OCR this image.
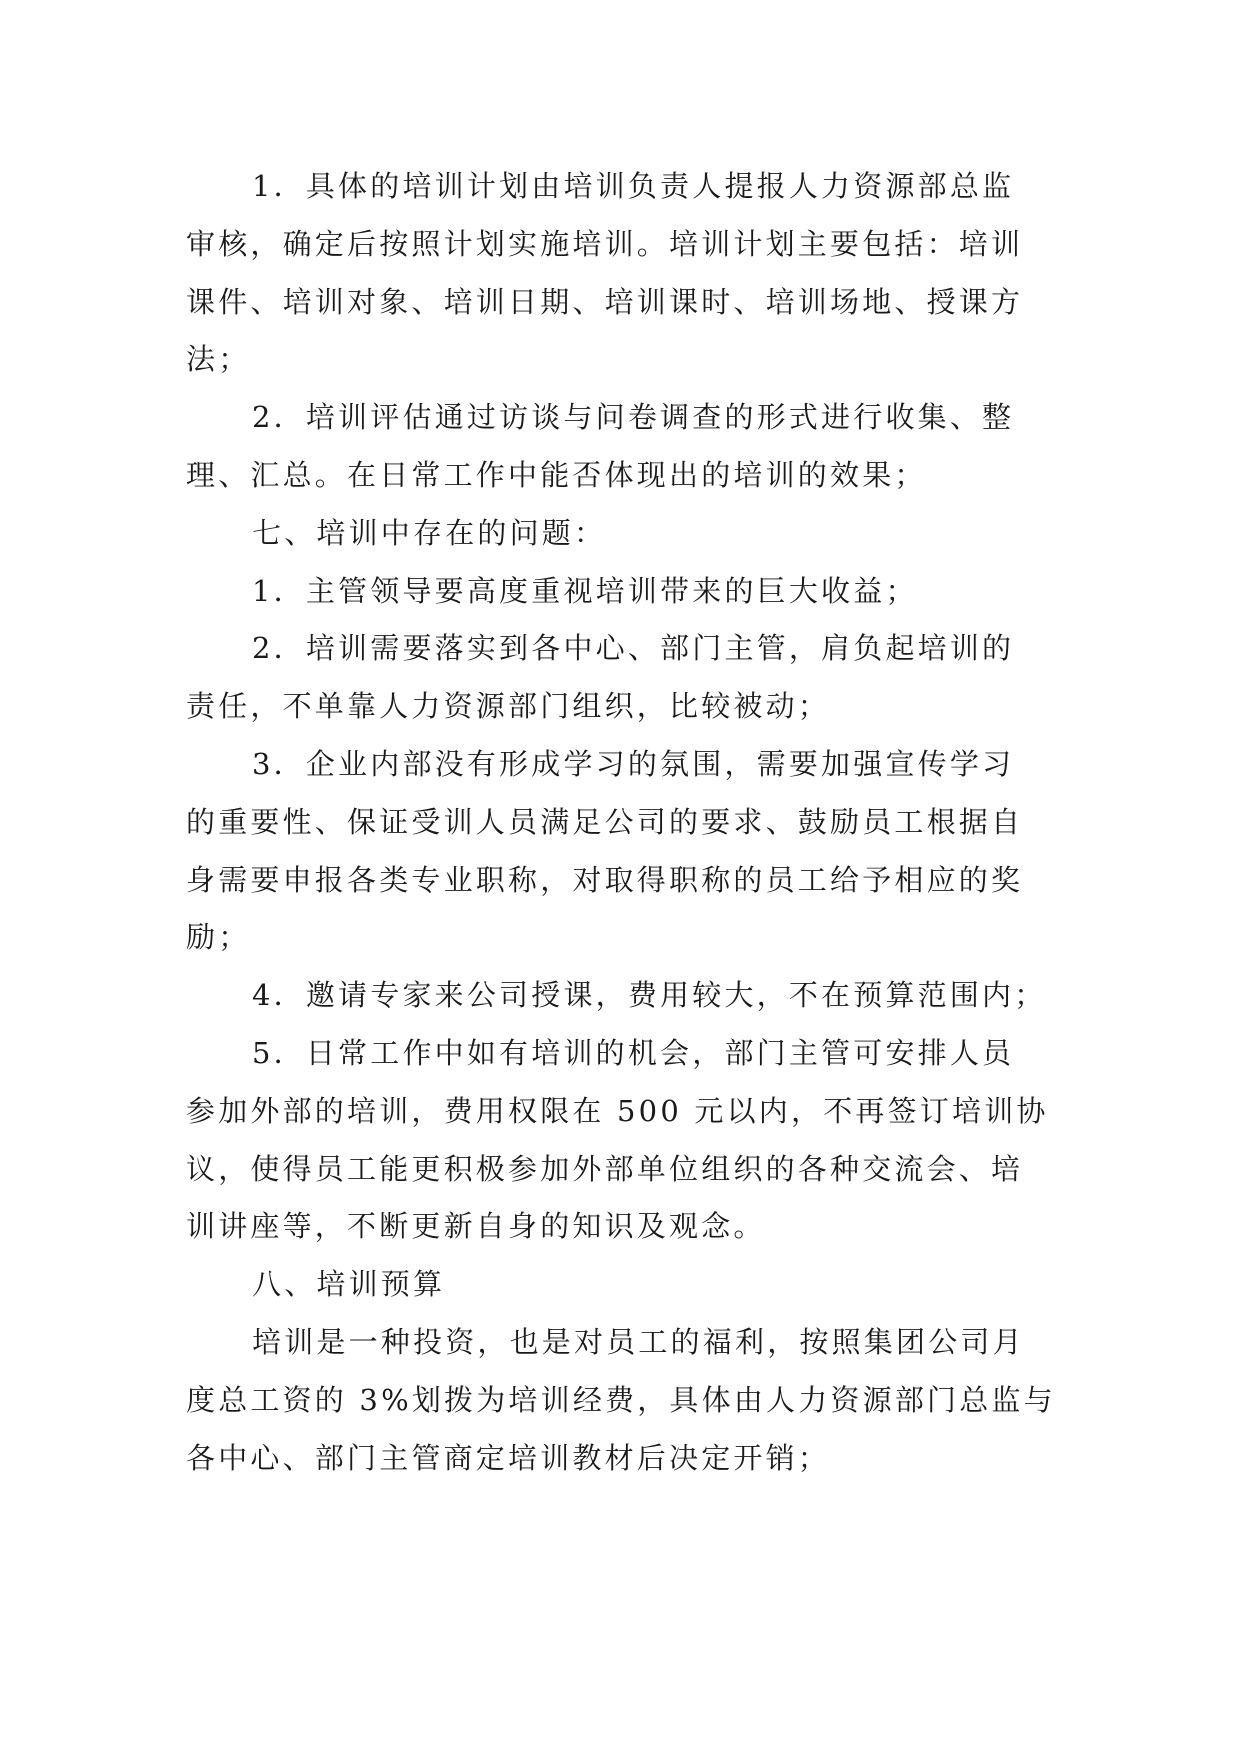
1．具体的培训计划由培训负责人提报人力资源部总监
审核，确定后按照计划实施培训。培训计划主要包括：培训
课件、培训对象、培训日期、培训课时、培训场地、授课方
法；
2．培训评估通过访谈与问卷调查的形式进行收集、整
理、汇总。在日常工作中能否体现出的培训的效果；
七、培训中存在的问题：
1．主管领导要高度重视培训带来的巨大收益；
2．培训需要落实到各中心、部门主管，肩负起培训的
责任，不单靠人力资源部门组织，比较被动；
3．企业内部没有形成学习的氛围，需要加强宣传学习
的重要性、保证受训人员满足公司的要求、鼓励员工根据自
身需要申报各类专业职称，对取得职称的员工给予相应的奖
励；
4．邀请专家来公司授课，费用较大，不在预算范围内；
5．日常工作中如有培训的机会，部门主管可安排人员
参加外部的培训，费用权限在 500 元以内，不再签订培训协
议，使得员工能更积极参加外部单位组织的各种交流会、培
训讲座等，不断更新自身的知识及观念。
八、培训预算
培训是一种投资，也是对员工的福利，按照集团公司月
度总工资的 3%划拨为培训经费，具体由人力资源部门总监与
各中心、部门主管商定培训教材后决定开销；
